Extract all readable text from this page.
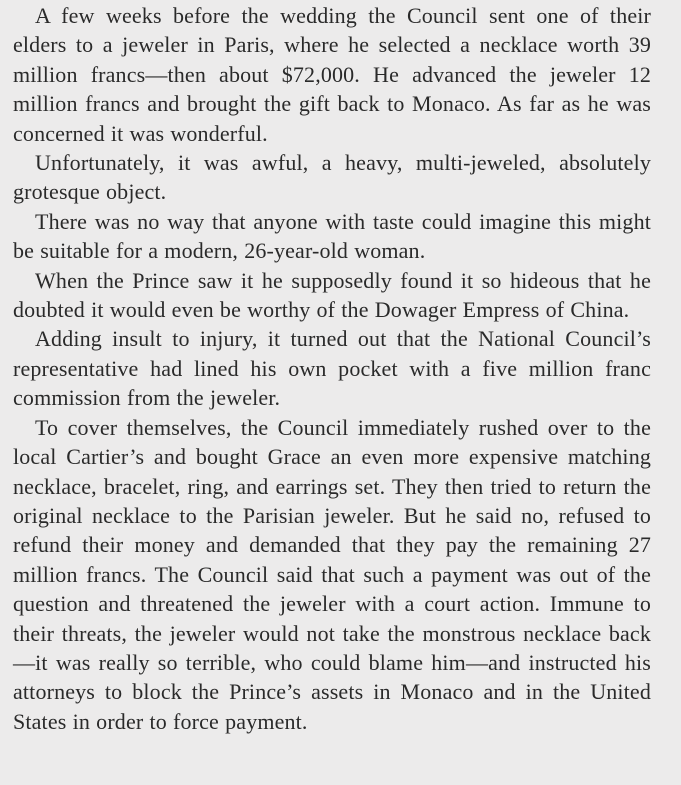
A few weeks before the wedding the Council sent one of their elders to a jeweler in Paris, where he selected a necklace worth 39 million francs—then about $72,000. He advanced the jeweler 12 million francs and brought the gift back to Monaco. As far as he was concerned it was wonderful.

Unfortunately, it was awful, a heavy, multi-jeweled, absolutely grotesque object.

There was no way that anyone with taste could imagine this might be suitable for a modern, 26-year-old woman.

When the Prince saw it he supposedly found it so hideous that he doubted it would even be worthy of the Dowager Empress of China.

Adding insult to injury, it turned out that the National Council’s representative had lined his own pocket with a five million franc commission from the jeweler.

To cover themselves, the Council immediately rushed over to the local Cartier’s and bought Grace an even more expensive matching necklace, bracelet, ring, and earrings set. They then tried to return the original necklace to the Parisian jeweler. But he said no, refused to refund their money and demanded that they pay the remaining 27 million francs. The Council said that such a payment was out of the question and threatened the jeweler with a court action. Immune to their threats, the jeweler would not take the monstrous necklace back—it was really so terrible, who could blame him—and instructed his attorneys to block the Prince’s assets in Monaco and in the United States in order to force payment.
